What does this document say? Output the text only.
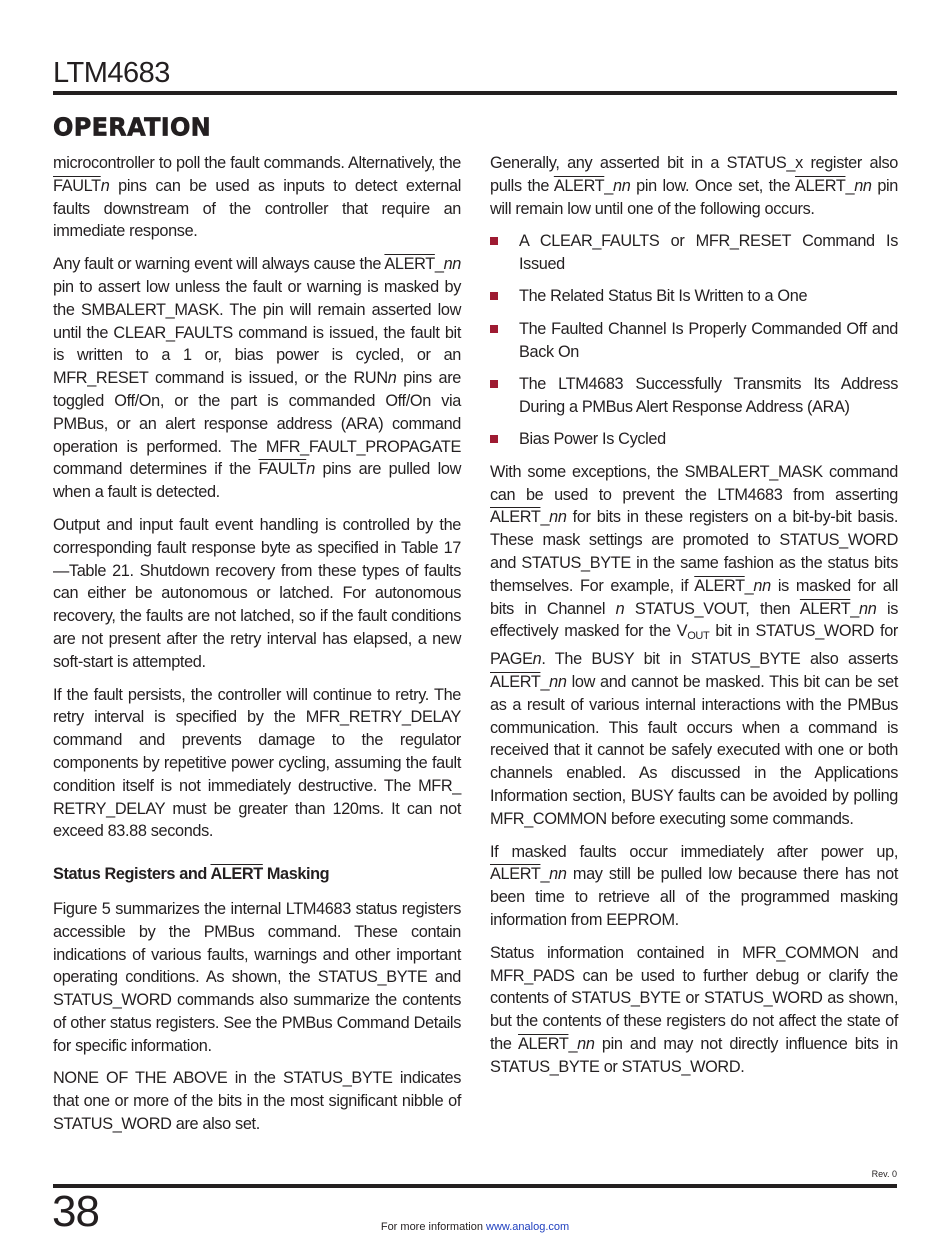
LTM4683
OPERATION

microcontroller to poll the fault commands. Alternatively, the FAULTn pins can be used as inputs to detect external faults downstream of the controller that require an immediate response.

Any fault or warning event will always cause the ALERT_nn pin to assert low unless the fault or warning is masked by the SMBALERT_MASK. The pin will remain asserted low until the CLEAR_FAULTS command is issued, the fault bit is written to a 1 or, bias power is cycled, or an MFR_RESET command is issued, or the RUNn pins are toggled Off/On, or the part is commanded Off/On via PMBus, or an alert response address (ARA) command operation is performed. The MFR_FAULT_PROPAGATE command determines if the FAULTn pins are pulled low when a fault is detected.

Output and input fault event handling is controlled by the corresponding fault response byte as specified in Table 17 —Table 21. Shutdown recovery from these types of faults can either be autonomous or latched. For autonomous recovery, the faults are not latched, so if the fault conditions are not present after the retry interval has elapsed, a new soft-start is attempted.

If the fault persists, the controller will continue to retry. The retry interval is specified by the MFR_RETRY_DELAY command and prevents damage to the regulator components by repetitive power cycling, assuming the fault condition itself is not immediately destructive. The MFR_ RETRY_DELAY must be greater than 120ms. It can not exceed 83.88 seconds.

Status Registers and ALERT Masking

Figure 5 summarizes the internal LTM4683 status registers accessible by the PMBus command. These contain indications of various faults, warnings and other important operating conditions. As shown, the STATUS_BYTE and STATUS_WORD commands also summarize the contents of other status registers. See the PMBus Command Details for specific information.

NONE OF THE ABOVE in the STATUS_BYTE indicates that one or more of the bits in the most significant nibble of STATUS_WORD are also set.

Generally, any asserted bit in a STATUS_x register also pulls the ALERT_nn pin low. Once set, the ALERT_nn pin will remain low until one of the following occurs.

A CLEAR_FAULTS or MFR_RESET Command Is Issued
The Related Status Bit Is Written to a One
The Faulted Channel Is Properly Commanded Off and Back On
The LTM4683 Successfully Transmits Its Address During a PMBus Alert Response Address (ARA)
Bias Power Is Cycled

With some exceptions, the SMBALERT_MASK command can be used to prevent the LTM4683 from asserting ALERT_nn for bits in these registers on a bit-by-bit basis. These mask settings are promoted to STATUS_WORD and STATUS_BYTE in the same fashion as the status bits themselves. For example, if ALERT_nn is masked for all bits in Channel n STATUS_VOUT, then ALERT_nn is effectively masked for the $V_{OUT}$ bit in STATUS_WORD for PAGEn. The BUSY bit in STATUS_BYTE also asserts ALERT_nn low and cannot be masked. This bit can be set as a result of various internal interactions with the PMBus communication. This fault occurs when a command is received that it cannot be safely executed with one or both channels enabled. As discussed in the Applications Information section, BUSY faults can be avoided by polling MFR_COMMON before executing some commands.

If masked faults occur immediately after power up, ALERT_nn may still be pulled low because there has not been time to retrieve all of the programmed masking information from EEPROM.

Status information contained in MFR_COMMON and MFR_PADS can be used to further debug or clarify the contents of STATUS_BYTE or STATUS_WORD as shown, but the contents of these registers do not affect the state of the ALERT_nn pin and may not directly influence bits in STATUS_BYTE or STATUS_WORD.

Rev. 0
38	For more information www.analog.com
